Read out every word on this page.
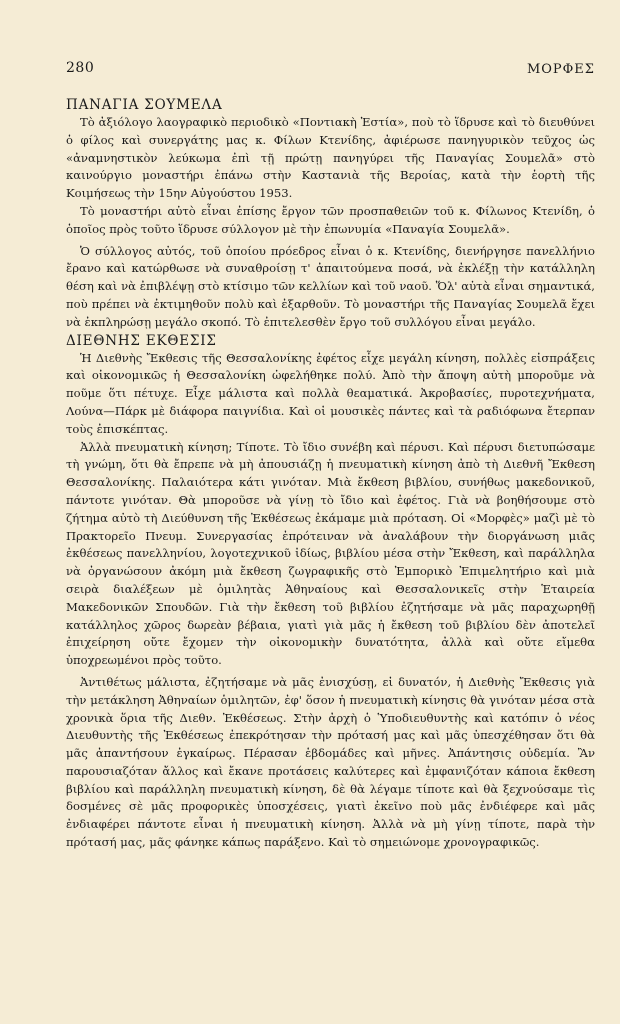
280	ΜΟΡΦΕΣ
ΠΑΝΑΓΙΑ ΣΟΥΜΕΛΑ

Τὸ ἀξιόλογο λαογραφικὸ περιοδικὸ «Ποντιακὴ Ἑστία», ποὺ τὸ ἵδρυσε καὶ τὸ διευθύνει ὁ φίλος καὶ συνεργάτης μας κ. Φίλων Κτενίδης, ἀφιέρωσε πανηγυρικὸν τεῦχος ὡς «ἀναμνηστικὸν λεύκωμα ἐπὶ τῇ πρώτῃ πανηγύρει τῆς Παναγίας Σουμελᾶ» στὸ καινούργιο μοναστήρι ἐπάνω στὴν Καστανιὰ τῆς Βεροίας, κατὰ τὴν ἑορτὴ τῆς Κοιμήσεως τὴν 15ην Αὐγούστου 1953.

Τὸ μοναστήρι αὐτὸ εἶναι ἐπίσης ἔργον τῶν προσπαθειῶν τοῦ κ. Φίλωνος Κτενίδη, ὁ ὁποῖος πρὸς τοῦτο ἵδρυσε σύλλογον μὲ τὴν ἐπωνυμία «Παναγία Σουμελᾶ».

Ὁ σύλλογος αὐτός, τοῦ ὁποίου πρόεδρος εἶναι ὁ κ. Κτενίδης, διενήργησε πανελλήνιο ἔρανο καὶ κατώρθωσε νὰ συναθροίσῃ τ' ἀπαιτούμενα ποσά, νὰ ἐκλέξῃ τὴν κατάλληλη θέση καὶ νὰ ἐπιβλέψῃ στὸ κτίσιμο τῶν κελλίων καὶ τοῦ ναοῦ. Ὅλ' αὐτὰ εἶναι σημαντικά, ποὺ πρέπει νὰ ἐκτιμηθοῦν πολὺ καὶ ἐξαρθοῦν. Τὸ μοναστήρι τῆς Παναγίας Σουμελᾶ ἔχει νὰ ἐκπληρώσῃ μεγάλο σκοπό. Τὸ ἐπιτελεσθὲν ἔργο τοῦ συλλόγου εἶναι μεγάλο.

ΔΙΕΘΝΗΣ ΕΚΘΕΣΙΣ

Ἡ Διεθνὴς Ἔκθεσις τῆς Θεσσαλονίκης ἐφέτος εἶχε μεγάλη κίνηση, πολλὲς εἰσπράξεις καὶ οἰκονομικῶς ἡ Θεσσαλονίκη ὠφελήθηκε πολύ. Ἀπὸ τὴν ἄποψη αὐτὴ μποροῦμε νὰ ποῦμε ὅτι πέτυχε. Εἶχε μάλιστα καὶ πολλὰ θεαματικά. Ἀκροβασίες, πυροτεχνήματα, Λούνα—Πάρκ μὲ διάφορα παιγνίδια. Καὶ οἱ μουσικὲς πάντες καὶ τὰ ραδιόφωνα ἔτερπαν τοὺς ἐπισκέπτας.

Ἀλλὰ πνευματικὴ κίνηση; Τίποτε. Τὸ ἴδιο συνέβη καὶ πέρυσι. Καὶ πέρυσι διετυπώσαμε τὴ γνώμη, ὅτι θὰ ἔπρεπε νὰ μὴ ἀπουσιάζῃ ἡ πνευματικὴ κίνηση ἀπὸ τὴ Διεθνῆ Ἔκθεση Θεσσαλονίκης. Παλαιότερα κάτι γινόταν. Μιὰ ἔκθεση βιβλίου, συνήθως μακεδονικοῦ, πάντοτε γινόταν. Θὰ μποροῦσε νὰ γίνῃ τὸ ἴδιο καὶ ἐφέτος. Γιὰ νὰ βοηθήσουμε στὸ ζήτημα αὐτὸ τὴ Διεύθυνση τῆς Ἐκθέσεως ἐκάμαμε μιὰ πρόταση. Οἱ «Μορφὲς» μαζὶ μὲ τὸ Πρακτορεῖο Πνευμ. Συνεργασίας ἐπρότειναν νὰ ἀναλάβουν τὴν διοργάνωση μιᾶς ἐκθέσεως πανελληνίου, λογοτεχνικοῦ ἰδίως, βιβλίου μέσα στὴν Ἔκθεση, καὶ παράλληλα νὰ ὀργανώσουν ἀκόμη μιὰ ἔκθεση ζωγραφικῆς στὸ Ἐμπορικὸ Ἐπιμελητήριο καὶ μιὰ σειρὰ διαλέξεων μὲ ὁμιλητὰς Ἀθηναίους καὶ Θεσσαλονικεῖς στὴν Ἑταιρεία Μακεδονικῶν Σπουδῶν. Γιὰ τὴν ἔκθεση τοῦ βιβλίου ἐζητήσαμε νὰ μᾶς παραχωρηθῇ κατάλληλος χῶρος δωρεὰν βέβαια, γιατὶ γιὰ μᾶς ἡ ἔκθεση τοῦ βιβλίου δὲν ἀποτελεῖ ἐπιχείρηση οὔτε ἔχομεν τὴν οἰκονομικὴν δυνατότητα, ἀλλὰ καὶ οὔτε εἴμεθα ὑποχρεωμένοι πρὸς τοῦτο.

Ἀντιθέτως μάλιστα, ἐζητήσαμε νὰ μᾶς ἐνισχύσῃ, εἰ δυνατόν, ἡ Διεθνὴς Ἔκθεσις γιὰ τὴν μετάκληση Ἀθηναίων ὁμιλητῶν, ἐφ' ὅσον ἡ πνευματικὴ κίνησις θὰ γινόταν μέσα στὰ χρονικὰ ὅρια τῆς Διεθν. Ἐκθέσεως. Στὴν ἀρχὴ ὁ Ὑποδιευθυντὴς καὶ κατόπιν ὁ νέος Διευθυντὴς τῆς Ἐκθέσεως ἐπεκρότησαν τὴν πρότασή μας καὶ μᾶς ὑπεσχέθησαν ὅτι θὰ μᾶς ἀπαντήσουν ἐγκαίρως. Πέρασαν ἑβδομάδες καὶ μῆνες. Ἀπάντησις οὐδεμία. Ἂν παρουσιαζόταν ἄλλος καὶ ἔκανε προτάσεις καλύτερες καὶ ἐμφανιζόταν κάποια ἔκθεση βιβλίου καὶ παράλληλη πνευματικὴ κίνηση, δὲ θὰ λέγαμε τίποτε καὶ θὰ ξεχνούσαμε τὶς δοσμένες σὲ μᾶς προφορικὲς ὑποσχέσεις, γιατὶ ἐκεῖνο ποὺ μᾶς ἐνδιέφερε καὶ μᾶς ἐνδιαφέρει πάντοτε εἶναι ἡ πνευματικὴ κίνηση. Ἀλλὰ νὰ μὴ γίνῃ τίποτε, παρὰ τὴν πρότασή μας, μᾶς φάνηκε κάπως παράξενο. Καὶ τὸ σημειώνομε χρονογραφικῶς.
